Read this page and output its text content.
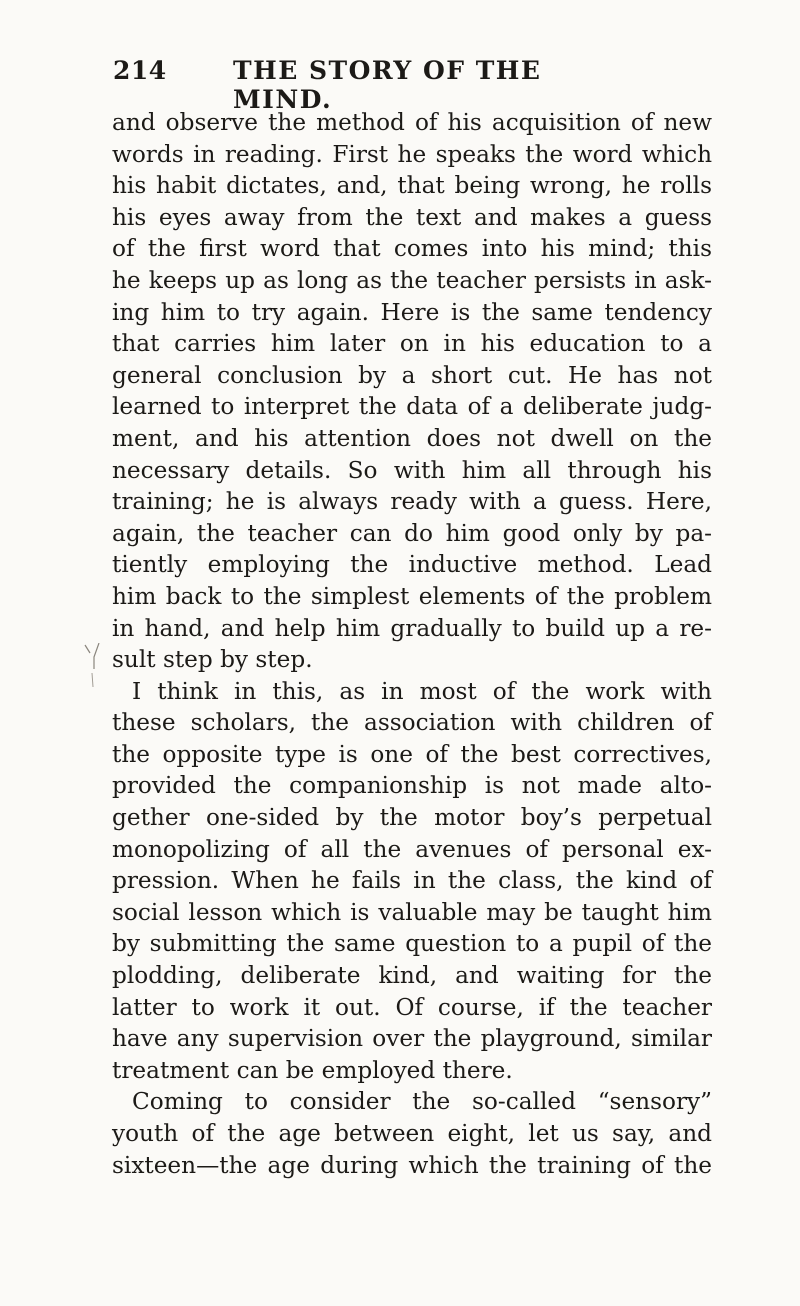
214	THE STORY OF THE MIND.
and observe the method of his acquisition of new
words in reading. First he speaks the word which
his habit dictates, and, that being wrong, he rolls
his eyes away from the text and makes a guess
of the first word that comes into his mind; this
he keeps up as long as the teacher persists in ask-
ing him to try again. Here is the same tendency
that carries him later on in his education to a
general conclusion by a short cut. He has not
learned to interpret the data of a deliberate judg-
ment, and his attention does not dwell on the
necessary details. So with him all through his
training; he is always ready with a guess. Here,
again, the teacher can do him good only by pa-
tiently employing the inductive method. Lead
him back to the simplest elements of the problem
in hand, and help him gradually to build up a re-
sult step by step.
I think in this, as in most of the work with
these scholars, the association with children of
the opposite type is one of the best correctives,
provided the companionship is not made alto-
gether one-sided by the motor boy’s perpetual
monopolizing of all the avenues of personal ex-
pression. When he fails in the class, the kind of
social lesson which is valuable may be taught him
by submitting the same question to a pupil of the
plodding, deliberate kind, and waiting for the
latter to work it out. Of course, if the teacher
have any supervision over the playground, similar
treatment can be employed there.
Coming to consider the so-called “sensory”
youth of the age between eight, let us say, and
sixteen—the age during which the training of the
